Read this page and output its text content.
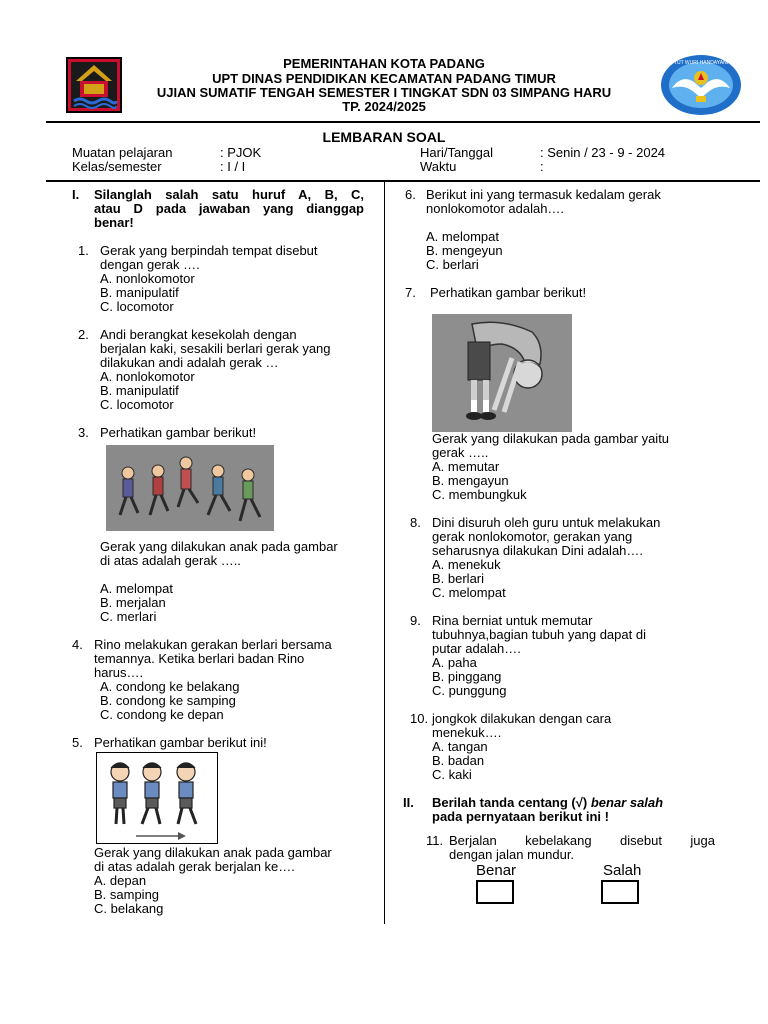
TUT WURI HANDAYANI
PEMERINTAHAN KOTA PADANG
UPT DINAS PENDIDIKAN KECAMATAN PADANG TIMUR
UJIAN SUMATIF TENGAH SEMESTER I TINGKAT SDN 03 SIMPANG HARU
TP. 2024/2025
LEMBARAN SOAL
Muatan pelajaran	: PJOK	Hari/Tanggal	: Senin / 23 - 9 - 2024
Kelas/semester	: I / I	Waktu	:
I. Silanglah salah satu huruf A, B, C,
atau D pada jawaban yang dianggap
benar!
1. Gerak yang berpindah tempat disebut
dengan gerak ….
A. nonlokomotor
B. manipulatif
C. locomotor
2. Andi berangkat kesekolah dengan
berjalan kaki, sesakili berlari gerak yang
dilakukan andi adalah gerak …
A. nonlokomotor
B. manipulatif
C. locomotor
3. Perhatikan gambar berikut!
Gerak yang dilakukan anak pada gambar
di atas adalah gerak …..
A. melompat
B. merjalan
C. merlari
4. Rino melakukan gerakan berlari bersama
temannya. Ketika berlari badan Rino
harus….
A. condong ke belakang
B. condong ke samping
C. condong ke depan
5. Perhatikan gambar berikut ini!
Gerak yang dilakukan anak pada gambar
di atas adalah gerak berjalan ke….
A. depan
B. samping
C. belakang
6. Berikut ini yang termasuk kedalam gerak
nonlokomotor adalah….
A. melompat
B. mengeyun
C. berlari
7. Perhatikan gambar berikut!
Gerak yang dilakukan pada gambar yaitu
gerak …..
A. memutar
B. mengayun
C. membungkuk
8. Dini disuruh oleh guru untuk melakukan
gerak nonlokomotor, gerakan yang
seharusnya dilakukan Dini adalah….
A. menekuk
B. berlari
C. melompat
9. Rina berniat untuk memutar
tubuhnya,bagian tubuh yang dapat di
putar adalah….
A. paha
B. pinggang
C. punggung
10. jongkok dilakukan dengan cara
menekuk….
A. tangan
B. badan
C. kaki
II. Berilah tanda centang (√) benar salah
pada pernyataan berikut ini !
11. Berjalan kebelakang disebut juga
dengan jalan mundur.
Benar	Salah
